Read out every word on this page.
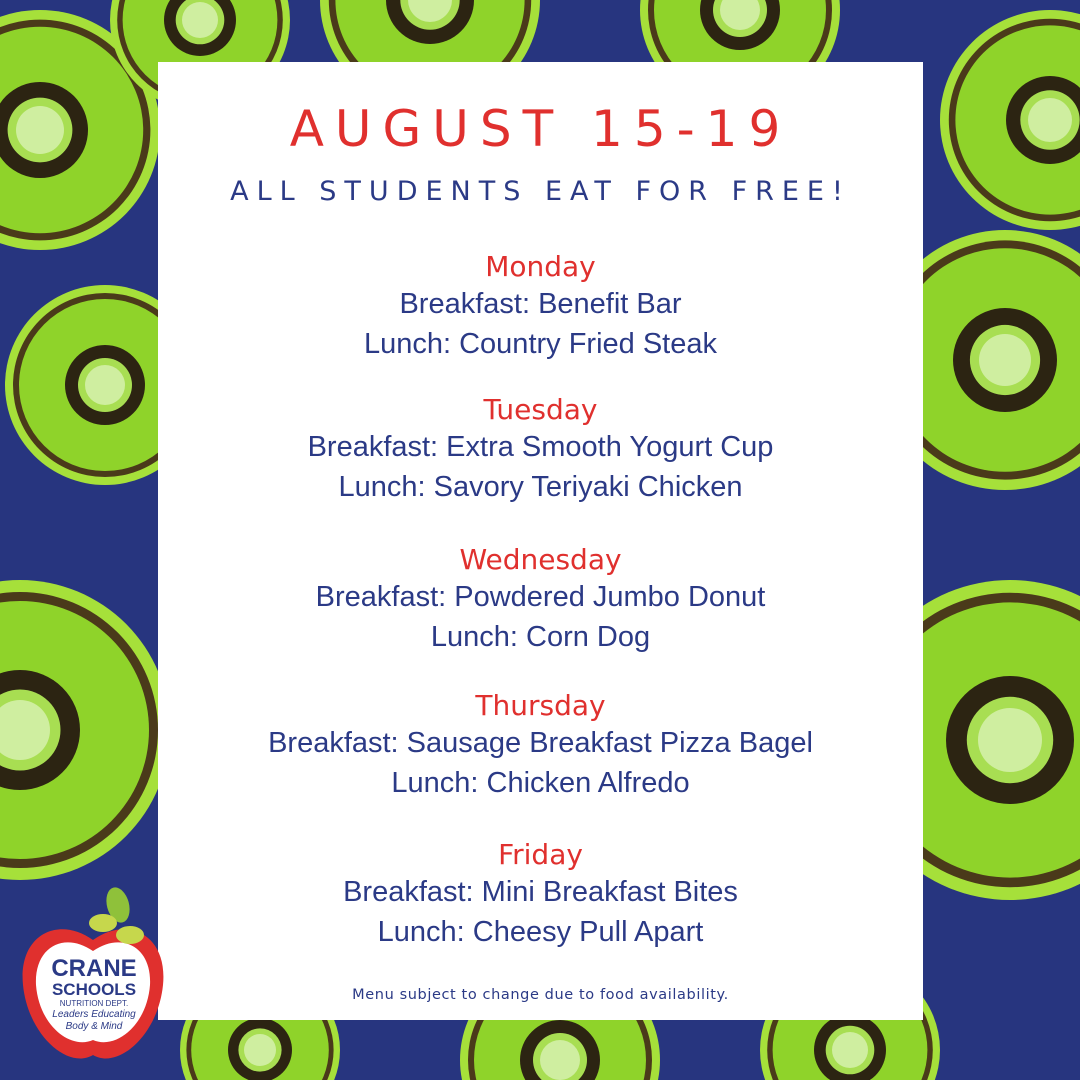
AUGUST 15-19
ALL STUDENTS EAT FOR FREE!
Monday
Breakfast: Benefit Bar
Lunch: Country Fried Steak
Tuesday
Breakfast: Extra Smooth Yogurt Cup
Lunch: Savory Teriyaki Chicken
Wednesday
Breakfast: Powdered Jumbo Donut
Lunch: Corn Dog
Thursday
Breakfast: Sausage Breakfast Pizza Bagel
Lunch: Chicken Alfredo
Friday
Breakfast: Mini Breakfast Bites
Lunch: Cheesy Pull Apart
Menu subject to change due to food availability.
CRANE
SCHOOLS
NUTRITION DEPT.
Leaders Educating
Body & Mind
